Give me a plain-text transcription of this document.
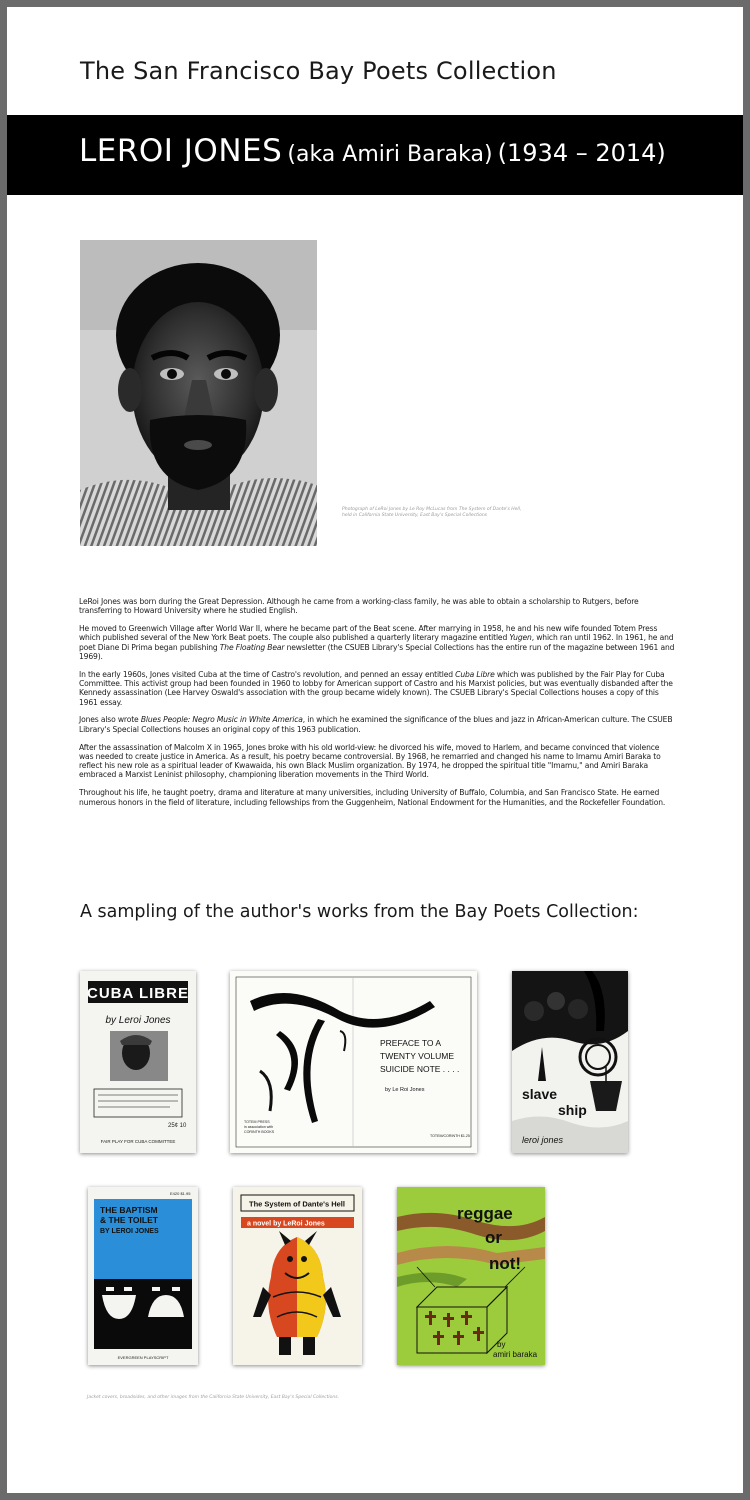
The San Francisco Bay Poets Collection
LEROI JONES (aka Amiri Baraka) (1934 – 2014)
Photograph of LeRoi Jones by Le Roy McLucas from The System of Dante's Hell,
held in California State University, East Bay's Special Collections

LeRoi Jones was born during the Great Depression. Although he came from a working-class family, he was able to obtain a scholarship to Rutgers, before transferring to Howard University where he studied English.

He moved to Greenwich Village after World War II, where he became part of the Beat scene. After marrying in 1958, he and his new wife founded Totem Press which published several of the New York Beat poets. The couple also published a quarterly literary magazine entitled Yugen, which ran until 1962. In 1961, he and poet Diane Di Prima began publishing The Floating Bear newsletter (the CSUEB Library's Special Collections has the entire run of the magazine between 1961 and 1969).

In the early 1960s, Jones visited Cuba at the time of Castro's revolution, and penned an essay entitled Cuba Libre which was published by the Fair Play for Cuba Committee. This activist group had been founded in 1960 to lobby for American support of Castro and his Marxist policies, but was eventually disbanded after the Kennedy assassination (Lee Harvey Oswald's association with the group became widely known). The CSUEB Library's Special Collections houses a copy of this 1961 essay.

Jones also wrote Blues People: Negro Music in White America, in which he examined the significance of the blues and jazz in African-American culture. The CSUEB Library's Special Collections houses an original copy of this 1963 publication.

After the assassination of Malcolm X in 1965, Jones broke with his old world-view: he divorced his wife, moved to Harlem, and became convinced that violence was needed to create justice in America. As a result, his poetry became controversial. By 1968, he remarried and changed his name to Imamu Amiri Baraka to reflect his new role as a spiritual leader of Kwawaida, his own Black Muslim organization. By 1974, he dropped the spiritual title "Imamu," and Amiri Baraka embraced a Marxist Leninist philosophy, championing liberation movements in the Third World.

Throughout his life, he taught poetry, drama and literature at many universities, including University of Buffalo, Columbia, and San Francisco State. He earned numerous honors in the field of literature, including fellowships from the Guggenheim, National Endowment for the Humanities, and the Rockefeller Foundation.

A sampling of the author's works from the Bay Poets Collection:
CUBA LIBRE
by Leroi Jones
25¢ 10
FAIR PLAY FOR CUBA COMMITTEE
PREFACE TO A
TWENTY VOLUME
SUICIDE NOTE . . . .
by Le Roi Jones
TOTEM PRESS
in association with
CORINTH BOOKS
TOTEM/CORINTH $1.25
slave
ship
leroi jones
E420 $1.95
THE BAPTISM
& THE TOILET
BY LEROI JONES
EVERGREEN PLAYSCRIPT
The System of Dante's Hell
a novel by LeRoi Jones
reggae
or
not!
by
amiri baraka
Jacket covers, broadsides, and other images from the California State University, East Bay's Special Collections.
